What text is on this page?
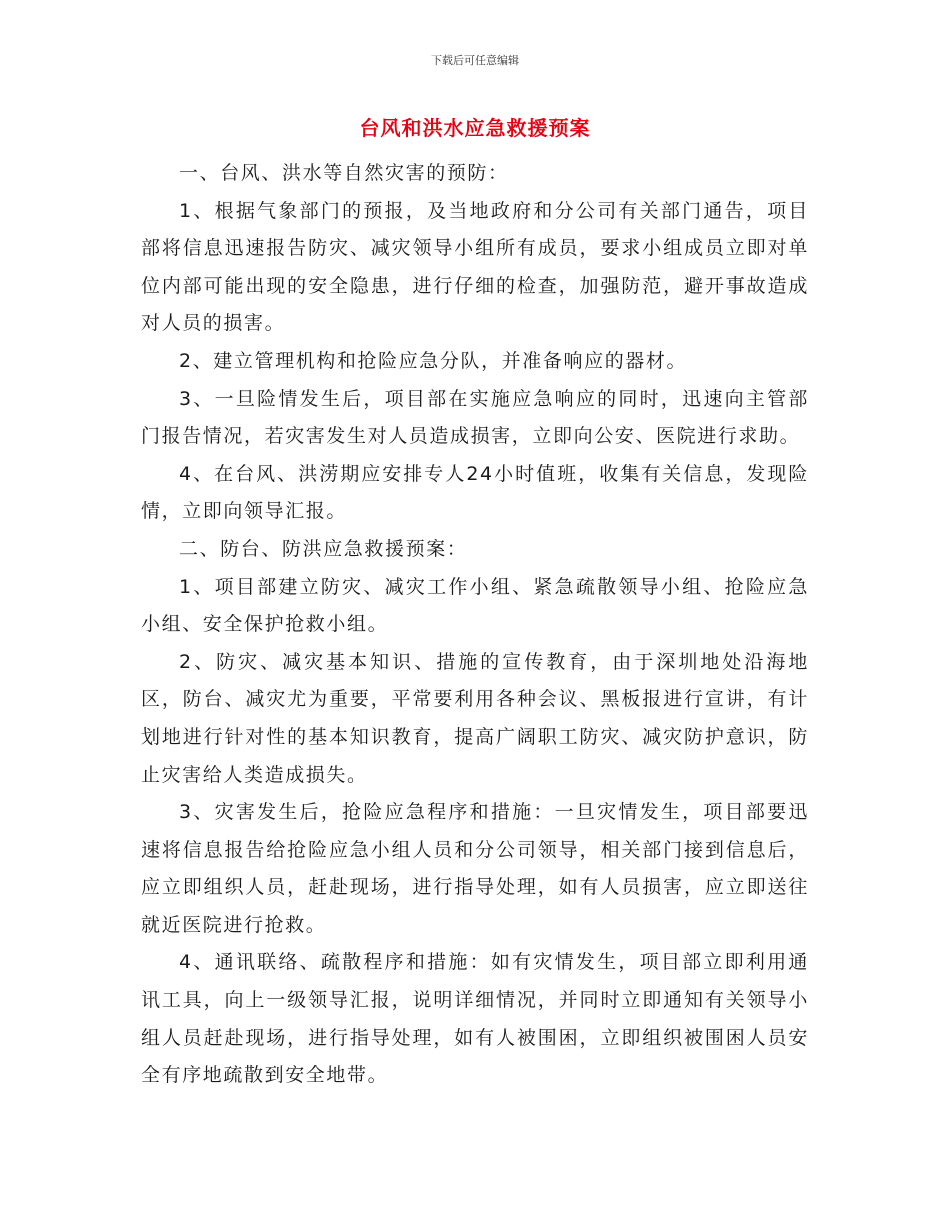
下载后可任意编辑
台风和洪水应急救援预案

一、台风、洪水等自然灾害的预防：

1、根据气象部门的预报，及当地政府和分公司有关部门通告，项目部将信息迅速报告防灾、减灾领导小组所有成员，要求小组成员立即对单位内部可能出现的安全隐患，进行仔细的检查，加强防范，避开事故造成对人员的损害。

2、建立管理机构和抢险应急分队，并准备响应的器材。

3、一旦险情发生后，项目部在实施应急响应的同时，迅速向主管部门报告情况，若灾害发生对人员造成损害，立即向公安、医院进行求助。

4、在台风、洪涝期应安排专人24小时值班，收集有关信息，发现险情，立即向领导汇报。

二、防台、防洪应急救援预案：

1、项目部建立防灾、减灾工作小组、紧急疏散领导小组、抢险应急小组、安全保护抢救小组。

2、防灾、减灾基本知识、措施的宣传教育，由于深圳地处沿海地区，防台、减灾尤为重要，平常要利用各种会议、黑板报进行宣讲，有计划地进行针对性的基本知识教育，提高广阔职工防灾、减灾防护意识，防止灾害给人类造成损失。

3、灾害发生后，抢险应急程序和措施：一旦灾情发生，项目部要迅速将信息报告给抢险应急小组人员和分公司领导，相关部门接到信息后，应立即组织人员，赶赴现场，进行指导处理，如有人员损害，应立即送往就近医院进行抢救。

4、通讯联络、疏散程序和措施：如有灾情发生，项目部立即利用通讯工具，向上一级领导汇报，说明详细情况，并同时立即通知有关领导小组人员赶赴现场，进行指导处理，如有人被围困，立即组织被围困人员安全有序地疏散到安全地带。
